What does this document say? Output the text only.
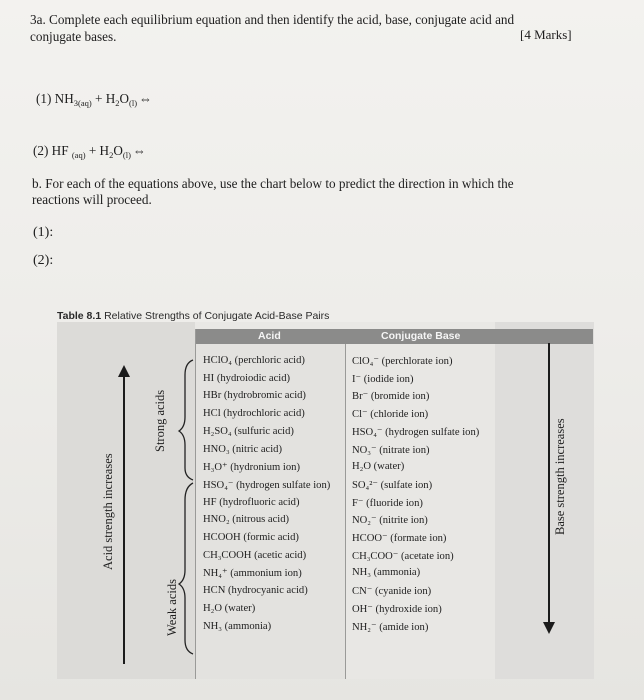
3a. Complete each equilibrium equation and then identify the acid, base, conjugate acid and
conjugate bases.	[4 Marks]
(1) $NH_{3(aq)} + H_2O_{(l)}$ ⇔
(2) HF $_{(aq)} + H_2O_{(l)}$ ⇔
b. For each of the equations above, use the chart below to predict the direction in which the
reactions will proceed.
(1):
(2):
Table 8.1 Relative Strengths of Conjugate Acid-Base Pairs
Acid	Conjugate Base
Acid strength increases
Strong acids
Weak acids
HClO₄ (perchloric acid)	ClO₄⁻ (perchlorate ion)
HI (hydroiodic acid)	I⁻ (iodide ion)
HBr (hydrobromic acid)	Br⁻ (bromide ion)
HCl (hydrochloric acid)	Cl⁻ (chloride ion)
H₂SO₄ (sulfuric acid)	HSO₄⁻ (hydrogen sulfate ion)
HNO₃ (nitric acid)	NO₃⁻ (nitrate ion)
H₃O⁺ (hydronium ion)	H₂O (water)
HSO₄⁻ (hydrogen sulfate ion) SO₄²⁻ (sulfate ion)
HF (hydrofluoric acid)	F⁻ (fluoride ion)
HNO₂ (nitrous acid)	NO₂⁻ (nitrite ion)
HCOOH (formic acid)	HCOO⁻ (formate ion)
CH₃COOH (acetic acid)	CH₃COO⁻ (acetate ion)
NH₄⁺ (ammonium ion)	NH₃ (ammonia)
HCN (hydrocyanic acid)	CN⁻ (cyanide ion)
H₂O (water)	OH⁻ (hydroxide ion)
NH₃ (ammonia)	NH₂⁻ (amide ion)
Base strength increases
